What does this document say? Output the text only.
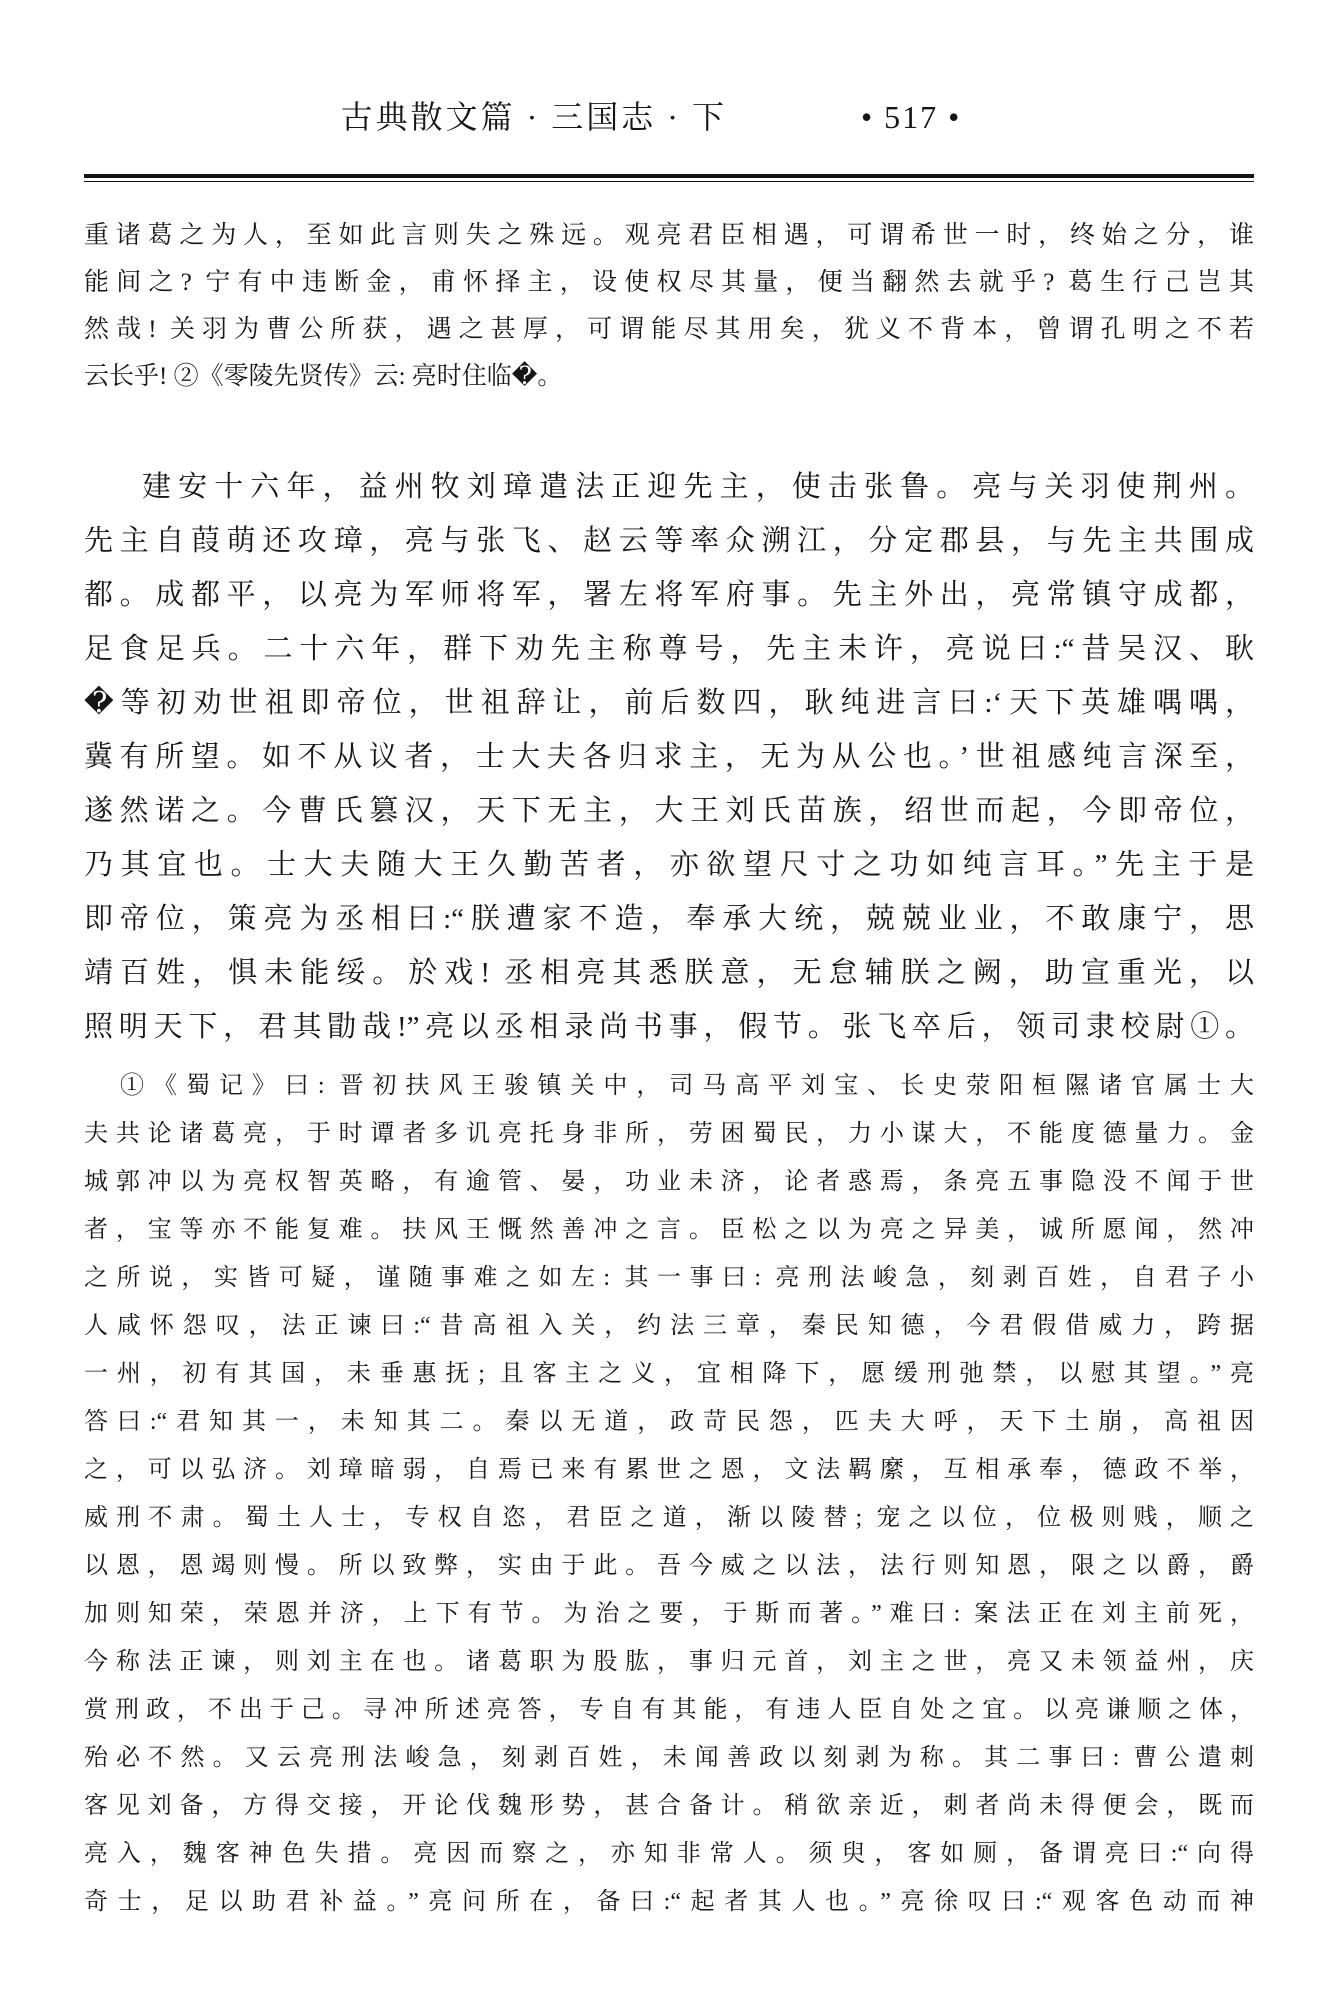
古典散文篇 · 三国志 · 下	• 517 •
重诸葛之为人，至如此言则失之殊远。观亮君臣相遇，可谓希世一时，终始之分，谁
能间之? 宁有中违断金，甫怀择主，设使权尽其量，便当翻然去就乎? 葛生行己岂其
然哉! 关羽为曹公所获，遇之甚厚，可谓能尽其用矣，犹义不背本，曾谓孔明之不若
云长乎! ②《零陵先贤传》云: 亮时住临�。
建安十六年，益州牧刘璋遣法正迎先主，使击张鲁。亮与关羽使荆州。
先主自葭萌还攻璋，亮与张飞、赵云等率众溯江，分定郡县，与先主共围成
都。成都平，以亮为军师将军，署左将军府事。先主外出，亮常镇守成都，
足食足兵。二十六年，群下劝先主称尊号，先主未许，亮说曰:“昔吴汉、耿
�等初劝世祖即帝位，世祖辞让，前后数四，耿纯进言曰:‘天下英雄喁喁，
冀有所望。如不从议者，士大夫各归求主，无为从公也。’世祖感纯言深至，
遂然诺之。今曹氏篡汉，天下无主，大王刘氏苗族，绍世而起，今即帝位，
乃其宜也。士大夫随大王久勤苦者，亦欲望尺寸之功如纯言耳。”先主于是
即帝位，策亮为丞相曰:“朕遭家不造，奉承大统，兢兢业业，不敢康宁，思
靖百姓，惧未能绥。於戏! 丞相亮其悉朕意，无怠辅朕之阙，助宣重光，以
照明天下，君其勖哉!”亮以丞相录尚书事，假节。张飞卒后，领司隶校尉①。
①《蜀记》曰: 晋初扶风王骏镇关中，司马高平刘宝、长史荥阳桓隰诸官属士大
夫共论诸葛亮，于时谭者多讥亮托身非所，劳困蜀民，力小谋大，不能度德量力。金
城郭冲以为亮权智英略，有逾管、晏，功业未济，论者惑焉，条亮五事隐没不闻于世
者，宝等亦不能复难。扶风王慨然善冲之言。臣松之以为亮之异美，诚所愿闻，然冲
之所说，实皆可疑，谨随事难之如左: 其一事曰: 亮刑法峻急，刻剥百姓，自君子小
人咸怀怨叹，法正谏曰:“昔高祖入关，约法三章，秦民知德，今君假借威力，跨据
一州，初有其国，未垂惠抚; 且客主之义，宜相降下，愿缓刑弛禁，以慰其望。”亮
答曰:“君知其一，未知其二。秦以无道，政苛民怨，匹夫大呼，天下土崩，高祖因
之，可以弘济。刘璋暗弱，自焉已来有累世之恩，文法羁縻，互相承奉，德政不举，
威刑不肃。蜀土人士，专权自恣，君臣之道，渐以陵替; 宠之以位，位极则贱，顺之
以恩，恩竭则慢。所以致弊，实由于此。吾今威之以法，法行则知恩，限之以爵，爵
加则知荣，荣恩并济，上下有节。为治之要，于斯而著。”难曰: 案法正在刘主前死，
今称法正谏，则刘主在也。诸葛职为股肱，事归元首，刘主之世，亮又未领益州，庆
赏刑政，不出于己。寻冲所述亮答，专自有其能，有违人臣自处之宜。以亮谦顺之体，
殆必不然。又云亮刑法峻急，刻剥百姓，未闻善政以刻剥为称。其二事曰: 曹公遣刺
客见刘备，方得交接，开论伐魏形势，甚合备计。稍欲亲近，刺者尚未得便会，既而
亮入，魏客神色失措。亮因而察之，亦知非常人。须臾，客如厕，备谓亮曰:“向得
奇士，足以助君补益。”亮问所在，备曰:“起者其人也。”亮徐叹曰:“观客色动而神
